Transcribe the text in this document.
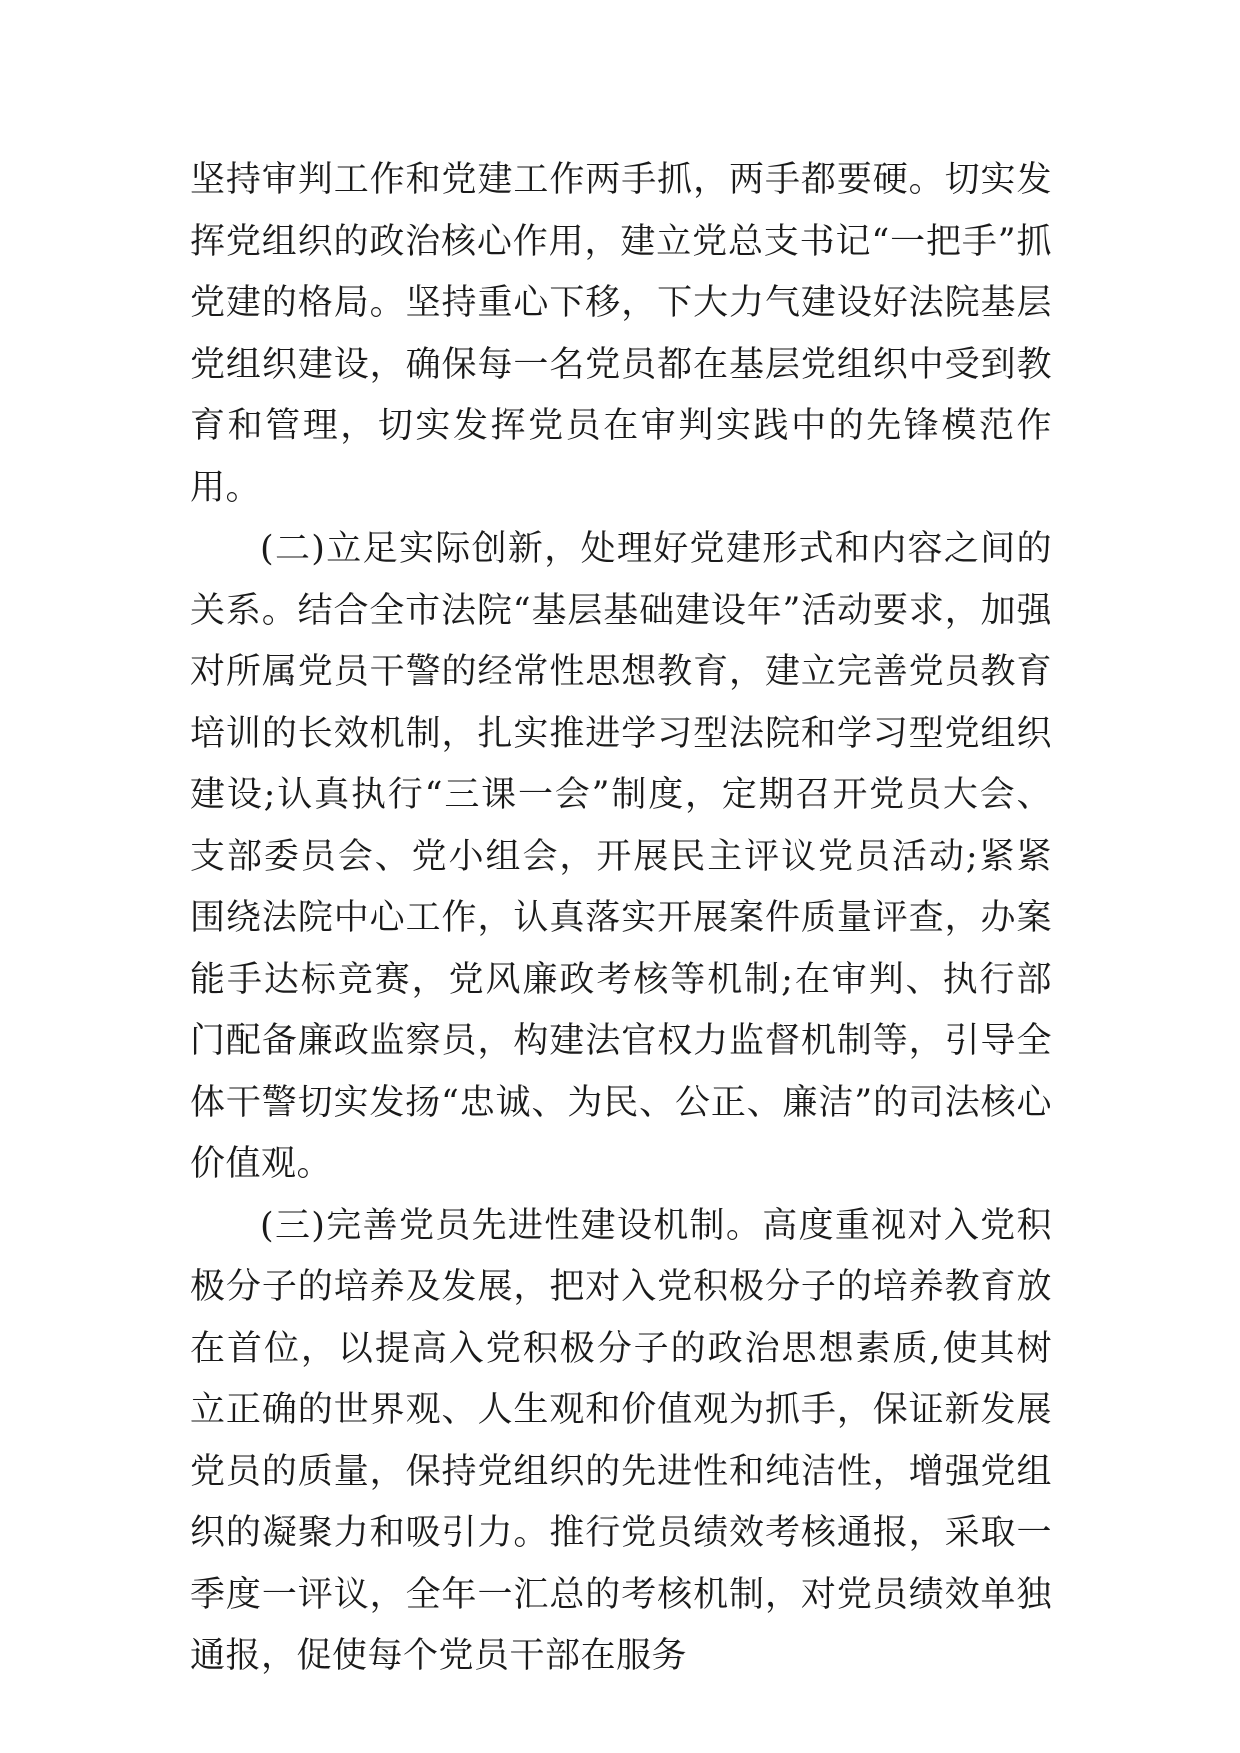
坚持审判工作和党建工作两手抓，两手都要硬。切实发挥党组织的政治核心作用，建立党总支书记“一把手”抓党建的格局。坚持重心下移，下大力气建设好法院基层党组织建设，确保每一名党员都在基层党组织中受到教育和管理，切实发挥党员在审判实践中的先锋模范作用。

(二)立足实际创新，处理好党建形式和内容之间的关系。结合全市法院“基层基础建设年”活动要求，加强对所属党员干警的经常性思想教育，建立完善党员教育培训的长效机制，扎实推进学习型法院和学习型党组织建设;认真执行“三课一会”制度，定期召开党员大会、支部委员会、党小组会，开展民主评议党员活动;紧紧围绕法院中心工作，认真落实开展案件质量评查，办案能手达标竞赛，党风廉政考核等机制;在审判、执行部门配备廉政监察员，构建法官权力监督机制等，引导全体干警切实发扬“忠诚、为民、公正、廉洁”的司法核心价值观。

(三)完善党员先进性建设机制。高度重视对入党积极分子的培养及发展，把对入党积极分子的培养教育放在首位，以提高入党积极分子的政治思想素质,使其树立正确的世界观、人生观和价值观为抓手，保证新发展党员的质量，保持党组织的先进性和纯洁性，增强党组织的凝聚力和吸引力。推行党员绩效考核通报，采取一季度一评议，全年一汇总的考核机制，对党员绩效单独通报，促使每个党员干部在服务
